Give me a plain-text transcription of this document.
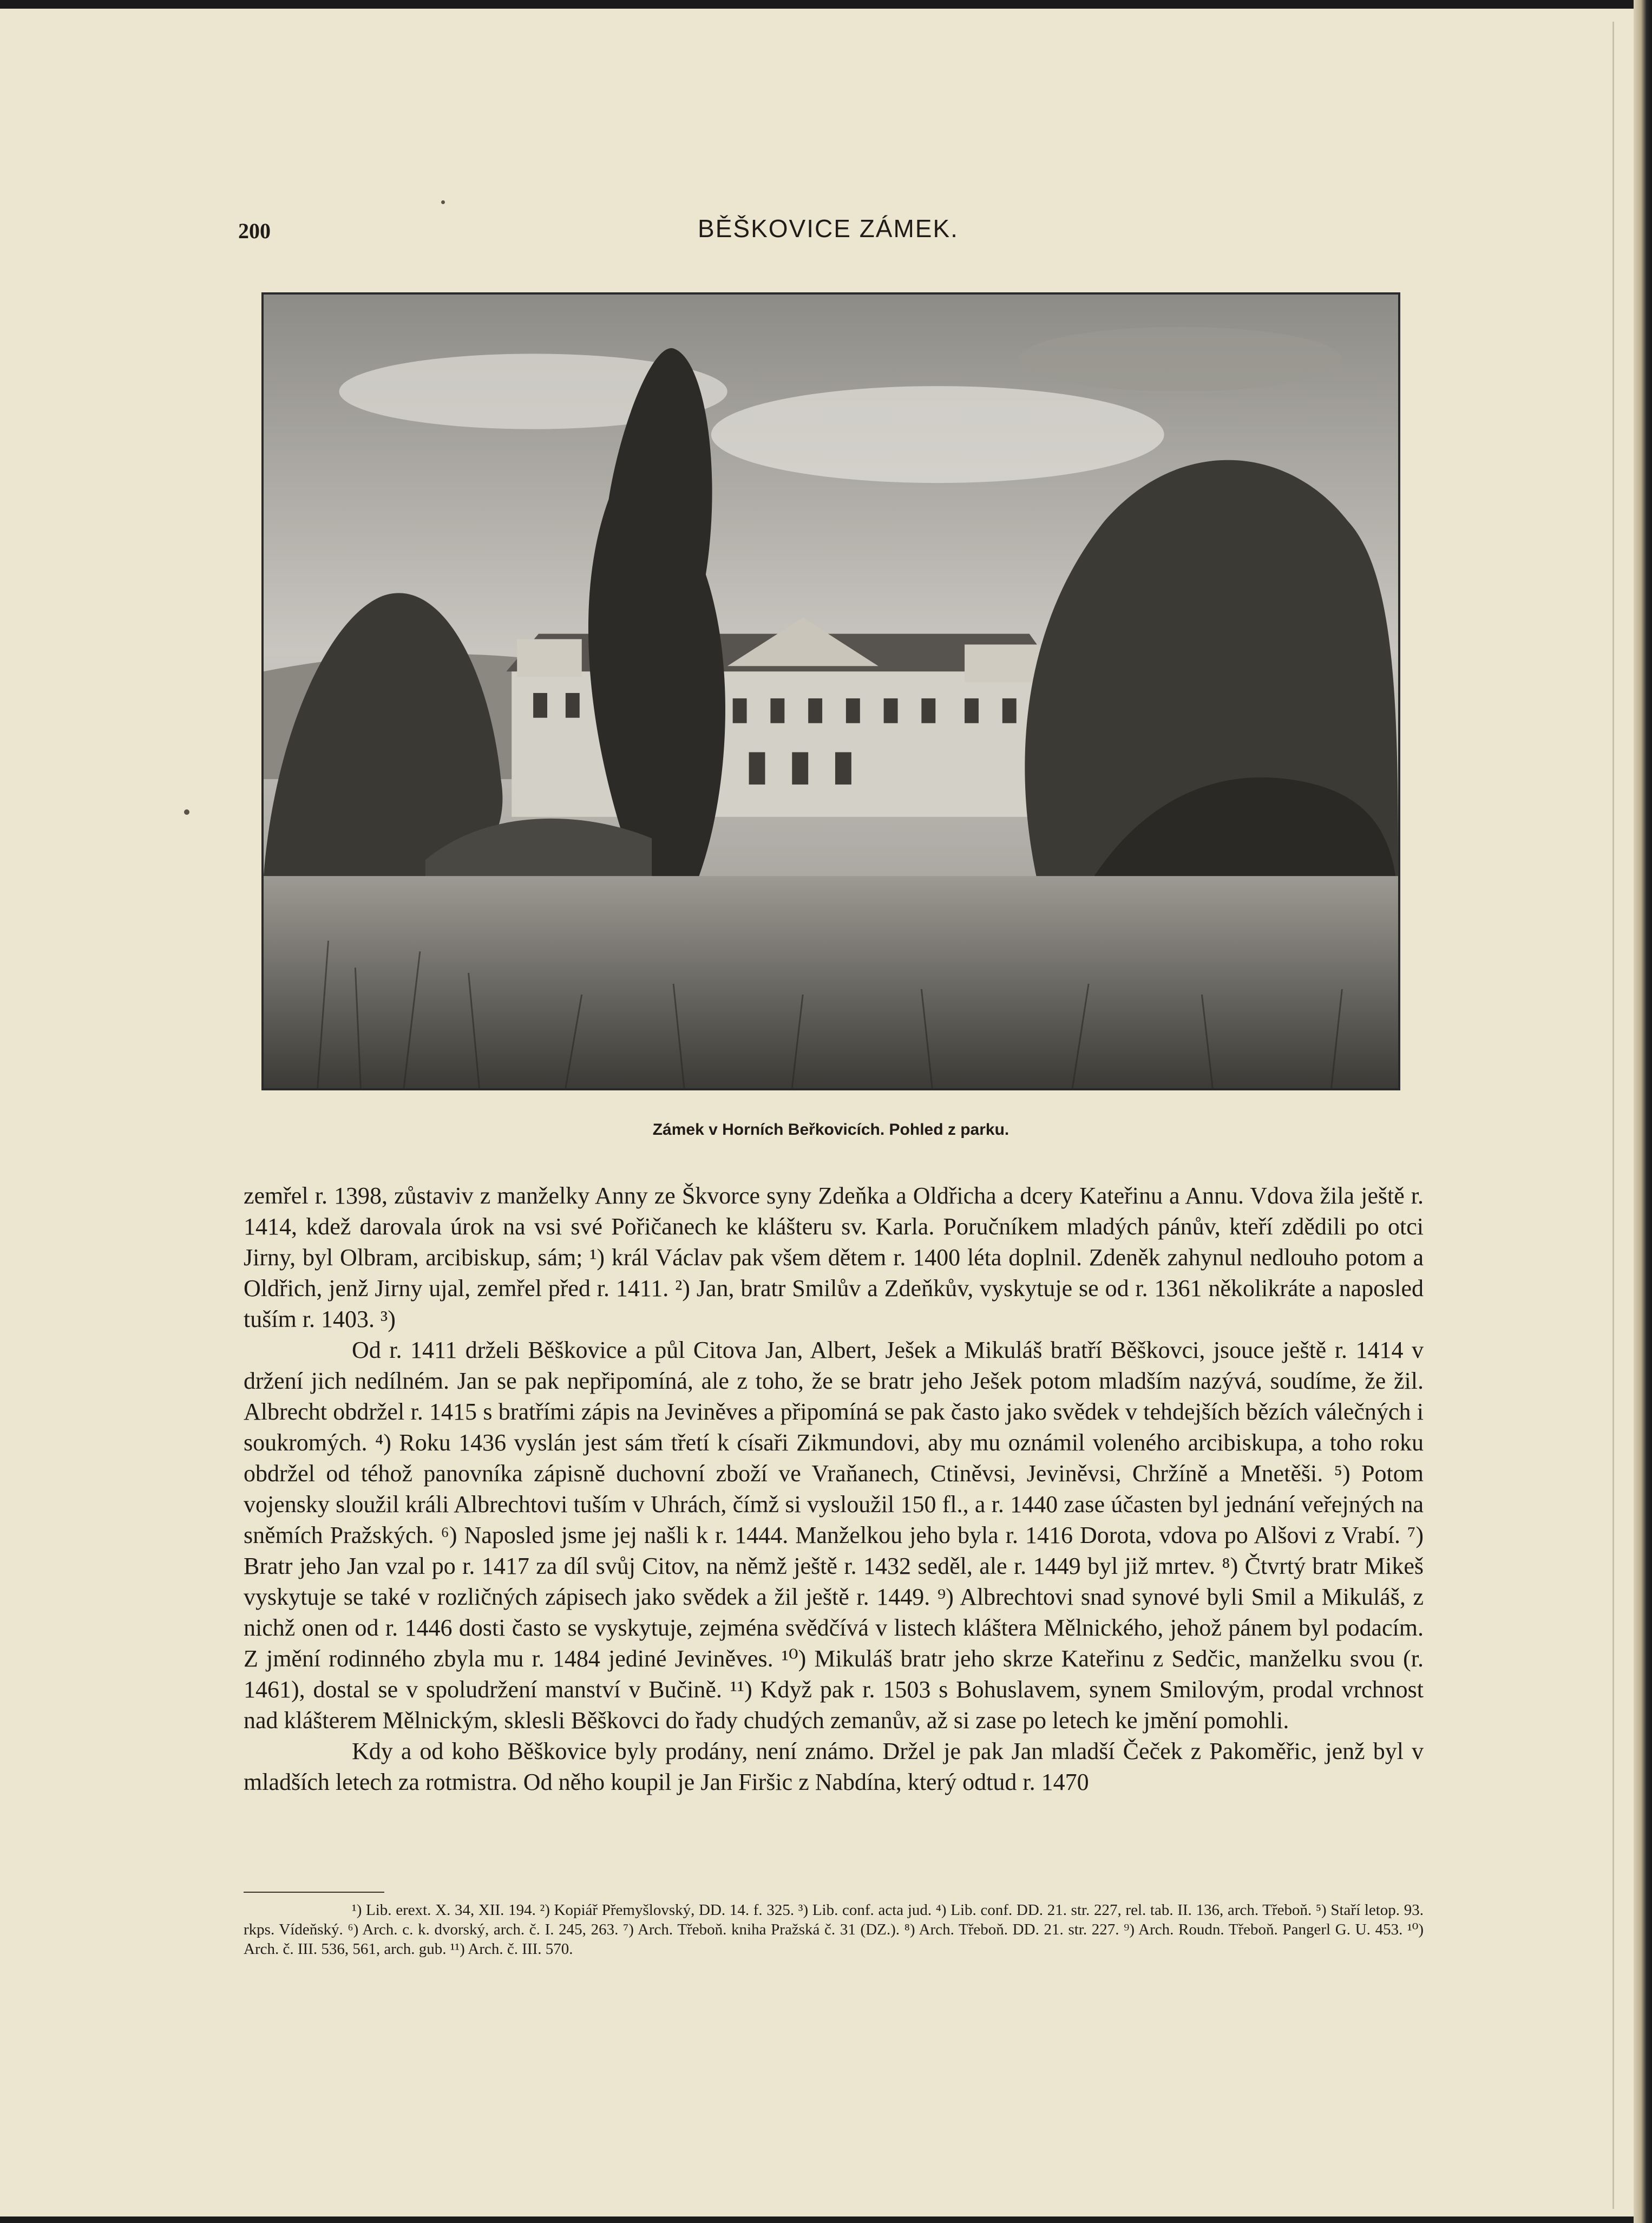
200	BĚŠKOVICE ZÁMEK.
Zámek v Horních Beřkovicích. Pohled z parku.

zemřel r. 1398, zůstaviv z manželky Anny ze Škvorce syny Zdeňka a Oldřicha a dcery Kateřinu a Annu. Vdova žila ještě r. 1414, kdež darovala úrok na vsi své Pořičanech ke klášteru sv. Karla. Poručníkem mladých pánův, kteří zdědili po otci Jirny, byl Olbram, arcibiskup, sám; ¹) král Václav pak všem dětem r. 1400 léta doplnil. Zdeněk zahynul nedlouho potom a Oldřich, jenž Jirny ujal, zemřel před r. 1411. ²) Jan, bratr Smilův a Zdeňkův, vyskytuje se od r. 1361 několikráte a naposled tuším r. 1403. ³)

Od r. 1411 drželi Běškovice a půl Citova Jan, Albert, Ješek a Mikuláš bratří Běškovci, jsouce ještě r. 1414 v držení jich nedílném. Jan se pak nepřipomíná, ale z toho, že se bratr jeho Ješek potom mladším nazývá, soudíme, že žil. Albrecht obdržel r. 1415 s bratřími zápis na Jeviněves a připomíná se pak často jako svědek v tehdejších bězích válečných i soukromých. ⁴) Roku 1436 vyslán jest sám třetí k císaři Zikmundovi, aby mu oznámil voleného arcibiskupa, a toho roku obdržel od téhož panovníka zápisně duchovní zboží ve Vraňanech, Ctiněvsi, Jeviněvsi, Chržíně a Mnetěši. ⁵) Potom vojensky sloužil králi Albrechtovi tuším v Uhrách, čímž si vysloužil 150 fl., a r. 1440 zase účasten byl jednání veřejných na sněmích Pražských. ⁶) Naposled jsme jej našli k r. 1444. Manželkou jeho byla r. 1416 Dorota, vdova po Alšovi z Vrabí. ⁷) Bratr jeho Jan vzal po r. 1417 za díl svůj Citov, na němž ještě r. 1432 seděl, ale r. 1449 byl již mrtev. ⁸) Čtvrtý bratr Mikeš vyskytuje se také v rozličných zápisech jako svědek a žil ještě r. 1449. ⁹) Albrechtovi snad synové byli Smil a Mikuláš, z nichž onen od r. 1446 dosti často se vyskytuje, zejména svědčívá v listech kláštera Mělnického, jehož pánem byl podacím. Z jmění rodinného zbyla mu r. 1484 jediné Jeviněves. ¹⁰) Mikuláš bratr jeho skrze Kateřinu z Sedčic, manželku svou (r. 1461), dostal se v spoludržení manství v Bučině. ¹¹) Když pak r. 1503 s Bohuslavem, synem Smilovým, prodal vrchnost nad klášterem Mělnickým, sklesli Běškovci do řady chudých zemanův, až si zase po letech ke jmění pomohli.

Kdy a od koho Běškovice byly prodány, není známo. Držel je pak Jan mladší Čeček z Pakoměřic, jenž byl v mladších letech za rotmistra. Od něho koupil je Jan Firšic z Nabdína, který odtud r. 1470

¹) Lib. erext. X. 34, XII. 194. ²) Kopiář Přemyšlovský, DD. 14. f. 325. ³) Lib. conf. acta jud. ⁴) Lib. conf. DD. 21. str. 227, rel. tab. II. 136, arch. Třeboň. ⁵) Staří letop. 93. rkps. Vídeňský. ⁶) Arch. c. k. dvorský, arch. č. I. 245, 263. ⁷) Arch. Třeboň. kniha Pražská č. 31 (DZ.). ⁸) Arch. Třeboň. DD. 21. str. 227. ⁹) Arch. Roudn. Třeboň. Pangerl G. U. 453. ¹⁰) Arch. č. III. 536, 561, arch. gub. ¹¹) Arch. č. III. 570.
